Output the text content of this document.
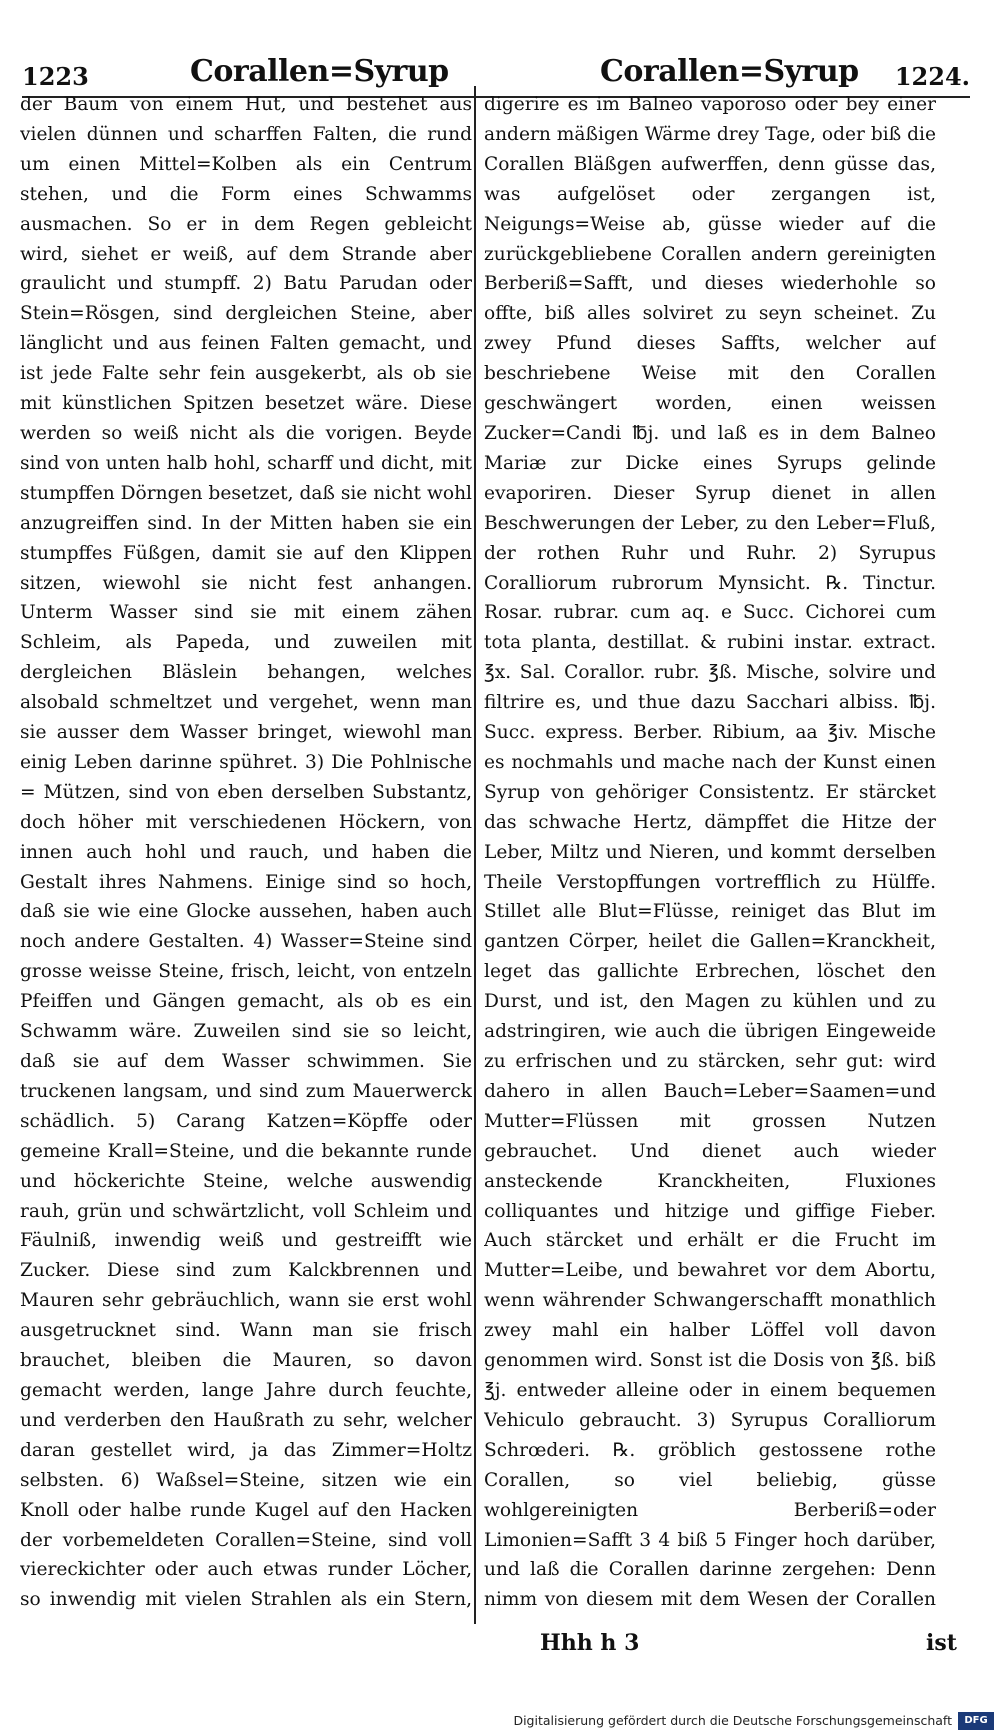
1223	Corallen=Syrup	Corallen=Syrup 1224.

der Baum von einem Hut, und bestehet aus vielen dünnen und scharffen Falten, die rund um einen Mittel=Kolben als ein Centrum stehen, und die Form eines Schwamms ausmachen. So er in dem Regen gebleicht wird, siehet er weiß, auf dem Strande aber graulicht und stumpff. 2) Batu Parudan oder Stein=Rösgen, sind dergleichen Steine, aber länglicht und aus feinen Falten gemacht, und ist jede Falte sehr fein ausgekerbt, als ob sie mit künstlichen Spitzen besetzet wäre. Diese werden so weiß nicht als die vorigen. Beyde sind von unten halb hohl, scharff und dicht, mit stumpffen Dörngen besetzet, daß sie nicht wohl anzugreiffen sind. In der Mitten haben sie ein stumpffes Füßgen, damit sie auf den Klippen sitzen, wiewohl sie nicht fest anhangen. Unterm Wasser sind sie mit einem zähen Schleim, als Papeda, und zuweilen mit dergleichen Bläslein behangen, welches alsobald schmeltzet und vergehet, wenn man sie ausser dem Wasser bringet, wiewohl man einig Leben darinne spühret. 3) Die Pohlnische = Mützen, sind von eben derselben Substantz, doch höher mit verschiedenen Höckern, von innen auch hohl und rauch, und haben die Gestalt ihres Nahmens. Einige sind so hoch, daß sie wie eine Glocke aussehen, haben auch noch andere Gestalten. 4) Wasser=Steine sind grosse weisse Steine, frisch, leicht, von entzeln Pfeiffen und Gängen gemacht, als ob es ein Schwamm wäre. Zuweilen sind sie so leicht, daß sie auf dem Wasser schwimmen. Sie truckenen langsam, und sind zum Mauerwerck schädlich. 5) Carang Katzen=Köpffe oder gemeine Krall=Steine, und die bekannte runde und höckerichte Steine, welche auswendig rauh, grün und schwärtzlicht, voll Schleim und Fäulniß, inwendig weiß und gestreifft wie Zucker. Diese sind zum Kalckbrennen und Mauren sehr gebräuchlich, wann sie erst wohl ausgetrucknet sind. Wann man sie frisch brauchet, bleiben die Mauren, so davon gemacht werden, lange Jahre durch feuchte, und verderben den Haußrath zu sehr, welcher daran gestellet wird, ja das Zimmer=Holtz selbsten. 6) Waßsel=Steine, sitzen wie ein Knoll oder halbe runde Kugel auf den Hacken der vorbemeldeten Corallen=Steine, sind voll viereckichter oder auch etwas runder Löcher, so inwendig mit vielen Strahlen als ein Stern,

digerire es im Balneo vaporoso oder bey einer andern mäßigen Wärme drey Tage, oder biß die Corallen Bläßgen aufwerffen, denn güsse das, was aufgelöset oder zergangen ist, Neigungs=Weise ab, güsse wieder auf die zurückgebliebene Corallen andern gereinigten Berberiß=Safft, und dieses wiederhohle so offte, biß alles solviret zu seyn scheinet. Zu zwey Pfund dieses Saffts, welcher auf beschriebene Weise mit den Corallen geschwängert worden, einen weissen Zucker=Candi ℔j. und laß es in dem Balneo Mariæ zur Dicke eines Syrups gelinde evaporiren. Dieser Syrup dienet in allen Beschwerungen der Leber, zu den Leber=Fluß, der rothen Ruhr und Ruhr. 2) Syrupus Coralliorum rubrorum Mynsicht. ℞. Tinctur. Rosar. rubrar. cum aq. e Succ. Cichorei cum tota planta, destillat. & rubini instar. extract. ℥x. Sal. Corallor. rubr. ℥ß. Mische, solvire und filtrire es, und thue dazu Sacchari albiss. ℔j. Succ. express. Berber. Ribium, aa ℥iv. Mische es nochmahls und mache nach der Kunst einen Syrup von gehöriger Consistentz. Er stärcket das schwache Hertz, dämpffet die Hitze der Leber, Miltz und Nieren, und kommt derselben Theile Verstopffungen vortrefflich zu Hülffe. Stillet alle Blut=Flüsse, reiniget das Blut im gantzen Cörper, heilet die Gallen=Kranckheit, leget das gallichte Erbrechen, löschet den Durst, und ist, den Magen zu kühlen und zu adstringiren, wie auch die übrigen Eingeweide zu erfrischen und zu stärcken, sehr gut: wird daherо in allen Bauch=Leber=Saamen=und Mutter=Flüssen mit grossen Nutzen gebrauchet. Und dienet auch wieder ansteckende Kranckheiten, Fluxiones colliquantes und hitzige und giffige Fieber. Auch stärcket und erhält er die Frucht im Mutter=Leibe, und bewahret vor dem Abortu, wenn währender Schwangerschafft monathlich zwey mahl ein halber Löffel voll davon genommen wird. Sonst ist die Dosis von ℥ß. biß ℥j. entweder alleine oder in einem bequemen Vehiculo gebraucht. 3) Syrupus Coralliorum Schrœderi. ℞. gröblich gestossene rothe Corallen, so viel beliebig, güsse wohlgereinigten Berberiß=oder Limonien=Safft 3 4 biß 5 Finger hoch darüber, und laß die Corallen darinne zergehen: Denn nimm von diesem mit dem Wesen der Corallen

Hhh h 3	ist
Digitalisierung gefördert durch die Deutsche Forschungsgemeinschaft	DFG
